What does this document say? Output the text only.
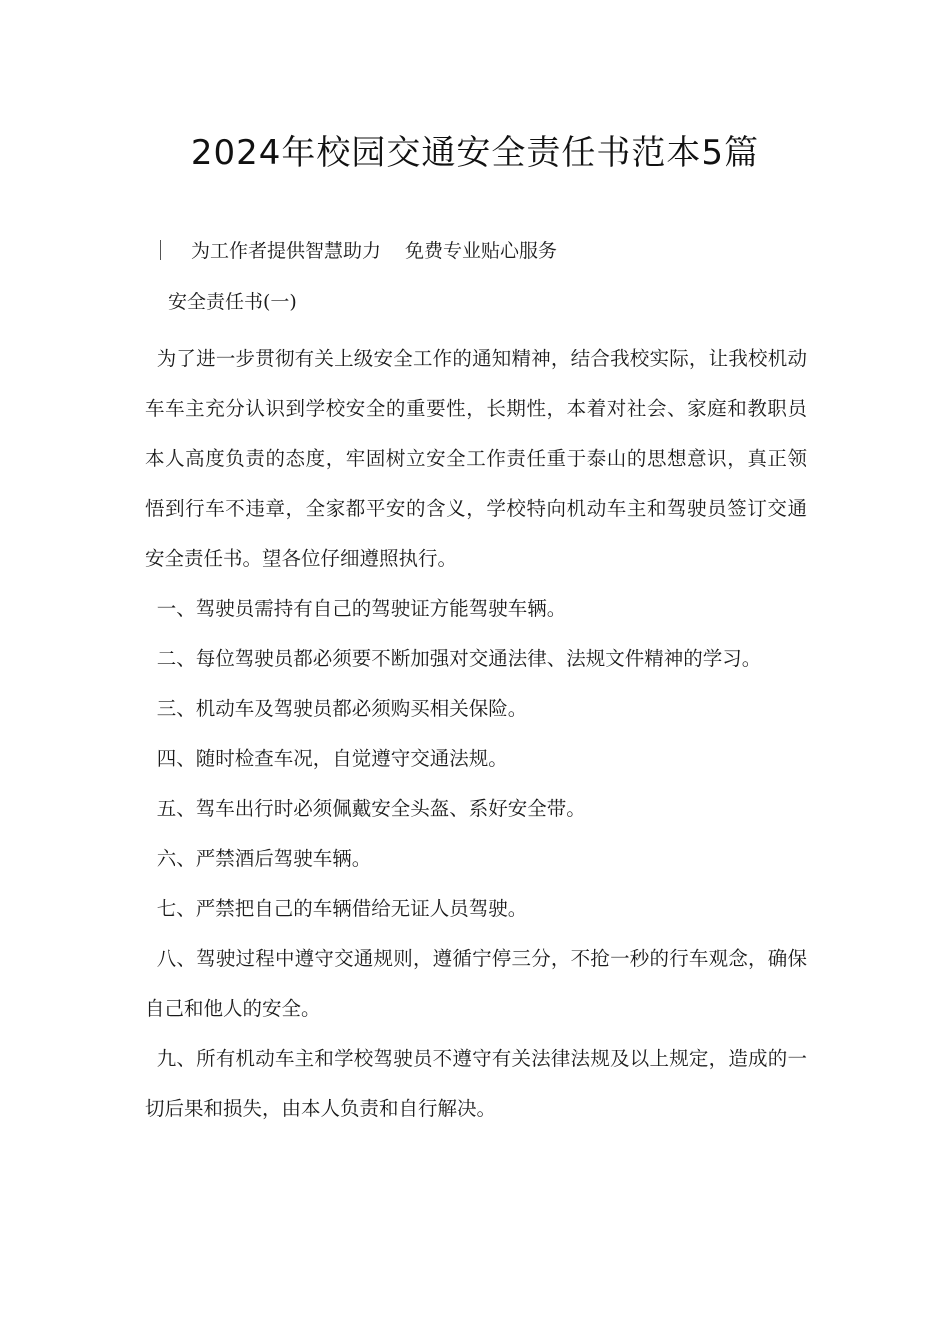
2024年校园交通安全责任书范本5篇
为工作者提供智慧助力 免费专业贴心服务
安全责任书(一)

为了进一步贯彻有关上级安全工作的通知精神，结合我校实际，让我校机动车车主充分认识到学校安全的重要性，长期性，本着对社会、家庭和教职员本人高度负责的态度，牢固树立安全工作责任重于泰山的思想意识，真正领悟到行车不违章，全家都平安的含义，学校特向机动车主和驾驶员签订交通安全责任书。望各位仔细遵照执行。

一、驾驶员需持有自己的驾驶证方能驾驶车辆。

二、每位驾驶员都必须要不断加强对交通法律、法规文件精神的学习。

三、机动车及驾驶员都必须购买相关保险。

四、随时检查车况，自觉遵守交通法规。

五、驾车出行时必须佩戴安全头盔、系好安全带。

六、严禁酒后驾驶车辆。

七、严禁把自己的车辆借给无证人员驾驶。

八、驾驶过程中遵守交通规则，遵循宁停三分，不抢一秒的行车观念，确保自己和他人的安全。

九、所有机动车主和学校驾驶员不遵守有关法律法规及以上规定，造成的一切后果和损失，由本人负责和自行解决。
